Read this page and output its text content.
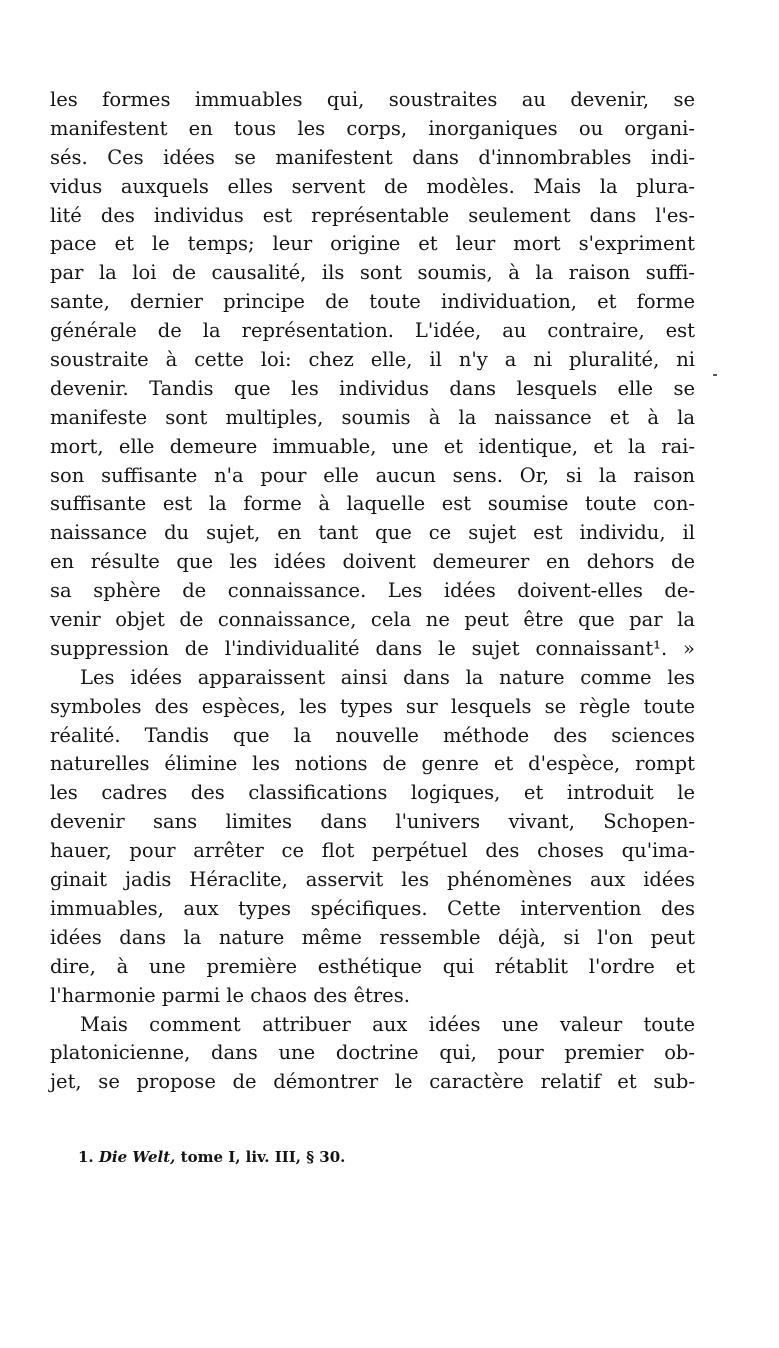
les formes immuables qui, soustraites au devenir, se
manifestent en tous les corps, inorganiques ou organi-
sés. Ces idées se manifestent dans d'innombrables indi-
vidus auxquels elles servent de modèles. Mais la plura-
lité des individus est représentable seulement dans l'es-
pace et le temps; leur origine et leur mort s'expriment
par la loi de causalité, ils sont soumis, à la raison suffi-
sante, dernier principe de toute individuation, et forme
générale de la représentation. L'idée, au contraire, est
soustraite à cette loi: chez elle, il n'y a ni pluralité, ni
devenir. Tandis que les individus dans lesquels elle se
manifeste sont multiples, soumis à la naissance et à la
mort, elle demeure immuable, une et identique, et la rai-
son suffisante n'a pour elle aucun sens. Or, si la raison
suffisante est la forme à laquelle est soumise toute con-
naissance du sujet, en tant que ce sujet est individu, il
en résulte que les idées doivent demeurer en dehors de
sa sphère de connaissance. Les idées doivent-elles de-
venir objet de connaissance, cela ne peut être que par la
suppression de l'individualité dans le sujet connaissant¹. »
Les idées apparaissent ainsi dans la nature comme les
symboles des espèces, les types sur lesquels se règle toute
réalité. Tandis que la nouvelle méthode des sciences
naturelles élimine les notions de genre et d'espèce, rompt
les cadres des classifications logiques, et introduit le
devenir sans limites dans l'univers vivant, Schopen-
hauer, pour arrêter ce flot perpétuel des choses qu'ima-
ginait jadis Héraclite, asservit les phénomènes aux idées
immuables, aux types spécifiques. Cette intervention des
idées dans la nature même ressemble déjà, si l'on peut
dire, à une première esthétique qui rétablit l'ordre et
l'harmonie parmi le chaos des êtres.
Mais comment attribuer aux idées une valeur toute
platonicienne, dans une doctrine qui, pour premier ob-
jet, se propose de démontrer le caractère relatif et sub-
1. Die Welt, tome I, liv. III, § 30.
